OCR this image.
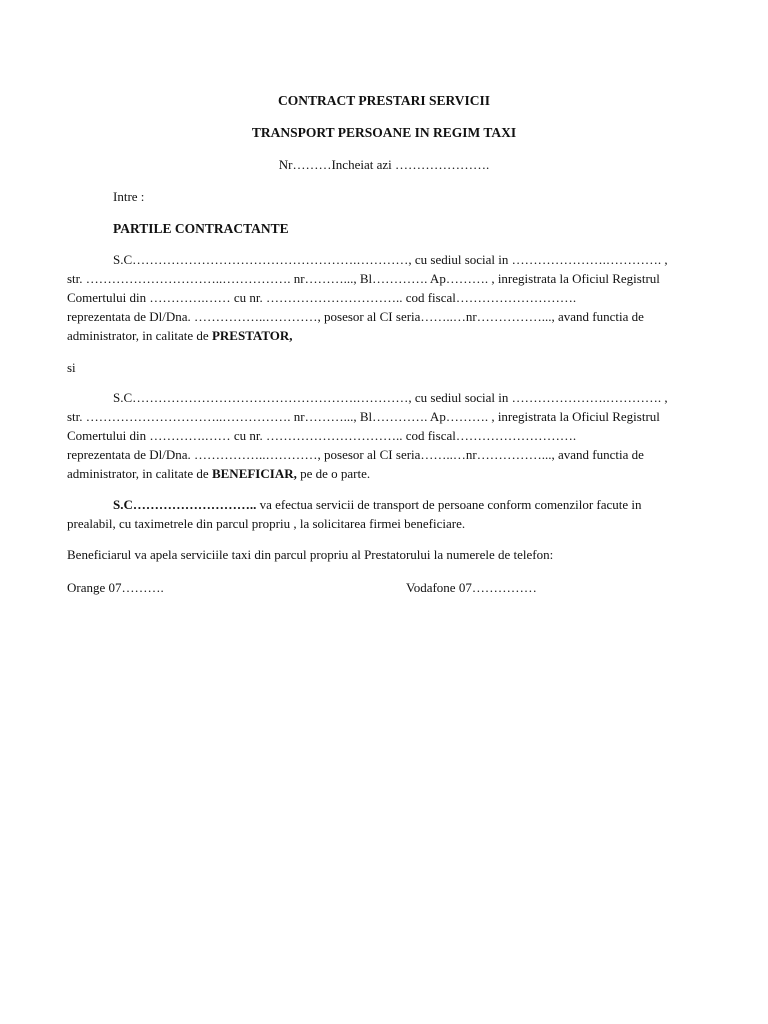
CONTRACT PRESTARI SERVICII
TRANSPORT PERSOANE IN REGIM TAXI
Nr………Incheiat azi ………………….
Intre :
PARTILE CONTRACTANTE
S.C…………………………………………….…………, cu sediul social in ………………….…………. ,
str. …………………………..……………. nr………..., Bl…………. Ap………. , inregistrata la Oficiul Registrul
Comertului din ………….…… cu nr. ………………………….. cod fiscal……………………….
reprezentata de Dl/Dna. ……………..…………, posesor al CI seria……..…nr……………..., avand functia de
administrator, in calitate de PRESTATOR,
si
S.C…………………………………………….…………, cu sediul social in ………………….…………. ,
str. …………………………..……………. nr………..., Bl…………. Ap………. , inregistrata la Oficiul Registrul
Comertului din ………….…… cu nr. ………………………….. cod fiscal……………………….
reprezentata de Dl/Dna. ……………..…………, posesor al CI seria……..…nr……………..., avand functia de
administrator, in calitate de BENEFICIAR, pe de o parte.
S.C……………………….. va efectua servicii de transport de persoane conform comenzilor facute in
prealabil, cu taximetrele din parcul propriu , la solicitarea firmei beneficiare.
Beneficiarul va apela serviciile taxi din parcul propriu al Prestatorului la numerele de telefon:
Orange 07……….	Vodafone 07……………
